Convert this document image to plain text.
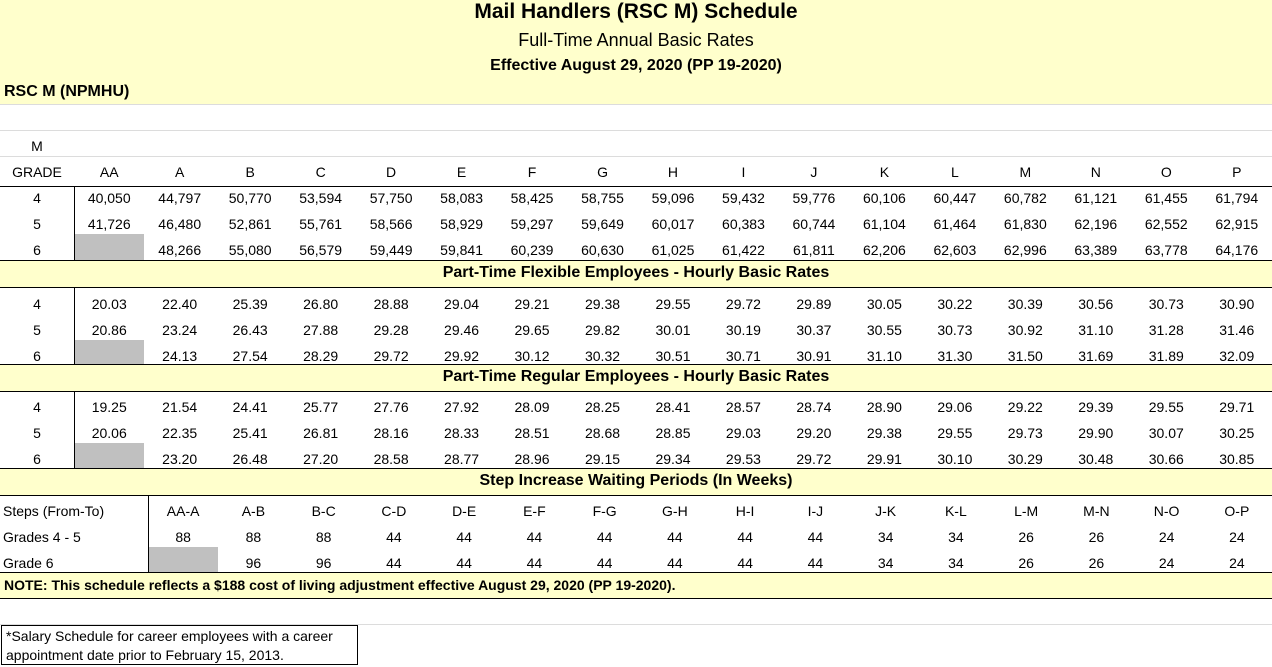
Mail Handlers (RSC M) Schedule
Full-Time Annual Basic Rates
Effective August 29, 2020 (PP 19-2020)
RSC M (NPMHU)
M																	
GRADE	AA	A	B	C	D	E	F	G	H	I	J	K	L	M	N	O	P
4	40,050	44,797	50,770	53,594	57,750	58,083	58,425	58,755	59,096	59,432	59,776	60,106	60,447	60,782	61,121	61,455	61,794
5	41,726	46,480	52,861	55,761	58,566	58,929	59,297	59,649	60,017	60,383	60,744	61,104	61,464	61,830	62,196	62,552	62,915
6		48,266	55,080	56,579	59,449	59,841	60,239	60,630	61,025	61,422	61,811	62,206	62,603	62,996	63,389	63,778	64,176
Part-Time Flexible Employees - Hourly Basic Rates
4	20.03	22.40	25.39	26.80	28.88	29.04	29.21	29.38	29.55	29.72	29.89	30.05	30.22	30.39	30.56	30.73	30.90
5	20.86	23.24	26.43	27.88	29.28	29.46	29.65	29.82	30.01	30.19	30.37	30.55	30.73	30.92	31.10	31.28	31.46
6		24.13	27.54	28.29	29.72	29.92	30.12	30.32	30.51	30.71	30.91	31.10	31.30	31.50	31.69	31.89	32.09
Part-Time Regular Employees - Hourly Basic Rates
4	19.25	21.54	24.41	25.77	27.76	27.92	28.09	28.25	28.41	28.57	28.74	28.90	29.06	29.22	29.39	29.55	29.71
5	20.06	22.35	25.41	26.81	28.16	28.33	28.51	28.68	28.85	29.03	29.20	29.38	29.55	29.73	29.90	30.07	30.25
6		23.20	26.48	27.20	28.58	28.77	28.96	29.15	29.34	29.53	29.72	29.91	30.10	30.29	30.48	30.66	30.85
Step Increase Waiting Periods (In Weeks)
Steps (From-To)	AA-A	A-B	B-C	C-D	D-E	E-F	F-G	G-H	H-I	I-J	J-K	K-L	L-M	M-N	N-O	O-P
Grades 4 - 5	88	88	88	44	44	44	44	44	44	44	34	34	26	26	24	24
Grade 6		96	96	44	44	44	44	44	44	44	34	34	26	26	24	24
NOTE: This schedule reflects a $188 cost of living adjustment effective August 29, 2020 (PP 19-2020).
*Salary Schedule for career employees with a career
appointment date prior to February 15, 2013.
